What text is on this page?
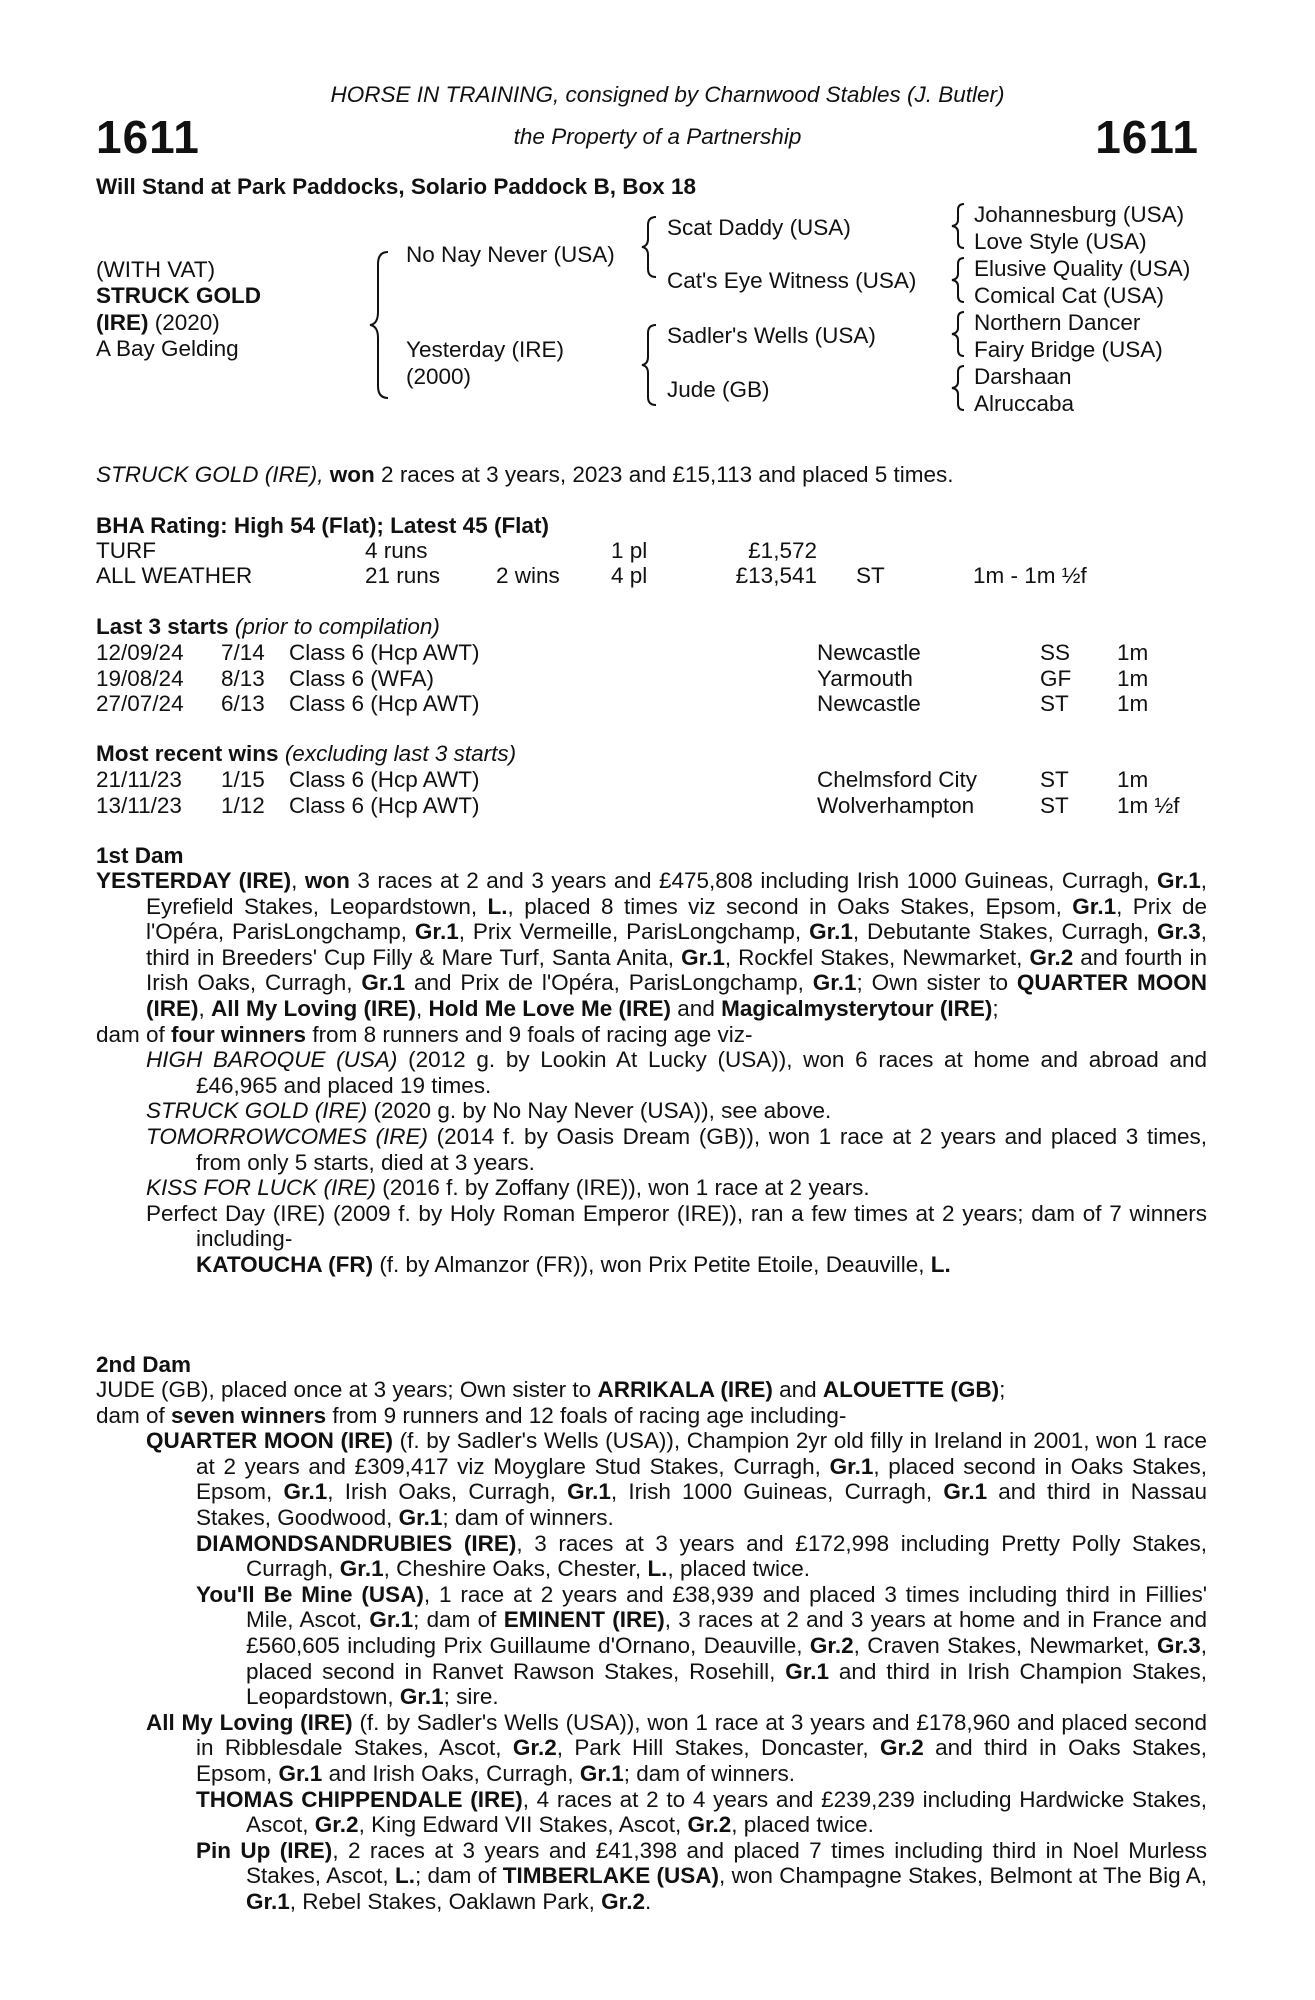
1611	1611
HORSE IN TRAINING, consigned by Charnwood Stables (J. Butler)
the Property of a Partnership
Will Stand at Park Paddocks, Solario Paddock B, Box 18
(WITH VAT)
STRUCK GOLD
(IRE) (2020)
A Bay Gelding
No Nay Never (USA)
Yesterday (IRE)
(2000)
Scat Daddy (USA)
Cat's Eye Witness (USA)
Sadler's Wells (USA)
Jude (GB)
Johannesburg (USA)
Love Style (USA)
Elusive Quality (USA)
Comical Cat (USA)
Northern Dancer
Fairy Bridge (USA)
Darshaan
Alruccaba
STRUCK GOLD (IRE), won 2 races at 3 years, 2023 and £15,113 and placed 5 times.
BHA Rating: High 54 (Flat); Latest 45 (Flat)
TURF	4 runs	1 pl	£1,572
ALL WEATHER	21 runs 2 wins 4 pl	£13,541 ST	1m - 1m ½f
Last 3 starts (prior to compilation)
12/09/24 7/14 Class 6 (Hcp AWT)	Newcastle	SS 1m
19/08/24 8/13 Class 6 (WFA)	Yarmouth	GF 1m
27/07/24 6/13 Class 6 (Hcp AWT)	Newcastle	ST 1m
Most recent wins (excluding last 3 starts)
21/11/23 1/15 Class 6 (Hcp AWT)	Chelmsford City	ST 1m
13/11/23 1/12 Class 6 (Hcp AWT)	Wolverhampton	ST 1m ½f
1st Dam

YESTERDAY (IRE), won 3 races at 2 and 3 years and £475,808 including Irish 1000 Guineas, Curragh, Gr.1, Eyrefield Stakes, Leopardstown, L., placed 8 times viz second in Oaks Stakes, Epsom, Gr.1, Prix de l'Opéra, ParisLongchamp, Gr.1, Prix Vermeille, ParisLongchamp, Gr.1, Debutante Stakes, Curragh, Gr.3, third in Breeders' Cup Filly & Mare Turf, Santa Anita, Gr.1, Rockfel Stakes, Newmarket, Gr.2 and fourth in Irish Oaks, Curragh, Gr.1 and Prix de l'Opéra, ParisLongchamp, Gr.1; Own sister to QUARTER MOON (IRE), All My Loving (IRE), Hold Me Love Me (IRE) and Magicalmysterytour (IRE);

dam of four winners from 8 runners and 9 foals of racing age viz-

HIGH BAROQUE (USA) (2012 g. by Lookin At Lucky (USA)), won 6 races at home and abroad and £46,965 and placed 19 times.

STRUCK GOLD (IRE) (2020 g. by No Nay Never (USA)), see above.

TOMORROWCOMES (IRE) (2014 f. by Oasis Dream (GB)), won 1 race at 2 years and placed 3 times, from only 5 starts, died at 3 years.

KISS FOR LUCK (IRE) (2016 f. by Zoffany (IRE)), won 1 race at 2 years.

Perfect Day (IRE) (2009 f. by Holy Roman Emperor (IRE)), ran a few times at 2 years; dam of 7 winners including-

KATOUCHA (FR) (f. by Almanzor (FR)), won Prix Petite Etoile, Deauville, L.

2nd Dam

JUDE (GB), placed once at 3 years; Own sister to ARRIKALA (IRE) and ALOUETTE (GB);

dam of seven winners from 9 runners and 12 foals of racing age including-

QUARTER MOON (IRE) (f. by Sadler's Wells (USA)), Champion 2yr old filly in Ireland in 2001, won 1 race at 2 years and £309,417 viz Moyglare Stud Stakes, Curragh, Gr.1, placed second in Oaks Stakes, Epsom, Gr.1, Irish Oaks, Curragh, Gr.1, Irish 1000 Guineas, Curragh, Gr.1 and third in Nassau Stakes, Goodwood, Gr.1; dam of winners.

DIAMONDSANDRUBIES (IRE), 3 races at 3 years and £172,998 including Pretty Polly Stakes, Curragh, Gr.1, Cheshire Oaks, Chester, L., placed twice.

You'll Be Mine (USA), 1 race at 2 years and £38,939 and placed 3 times including third in Fillies' Mile, Ascot, Gr.1; dam of EMINENT (IRE), 3 races at 2 and 3 years at home and in France and £560,605 including Prix Guillaume d'Ornano, Deauville, Gr.2, Craven Stakes, Newmarket, Gr.3, placed second in Ranvet Rawson Stakes, Rosehill, Gr.1 and third in Irish Champion Stakes, Leopardstown, Gr.1; sire.

All My Loving (IRE) (f. by Sadler's Wells (USA)), won 1 race at 3 years and £178,960 and placed second in Ribblesdale Stakes, Ascot, Gr.2, Park Hill Stakes, Doncaster, Gr.2 and third in Oaks Stakes, Epsom, Gr.1 and Irish Oaks, Curragh, Gr.1; dam of winners.

THOMAS CHIPPENDALE (IRE), 4 races at 2 to 4 years and £239,239 including Hardwicke Stakes, Ascot, Gr.2, King Edward VII Stakes, Ascot, Gr.2, placed twice.

Pin Up (IRE), 2 races at 3 years and £41,398 and placed 7 times including third in Noel Murless Stakes, Ascot, L.; dam of TIMBERLAKE (USA), won Champagne Stakes, Belmont at The Big A, Gr.1, Rebel Stakes, Oaklawn Park, Gr.2.
